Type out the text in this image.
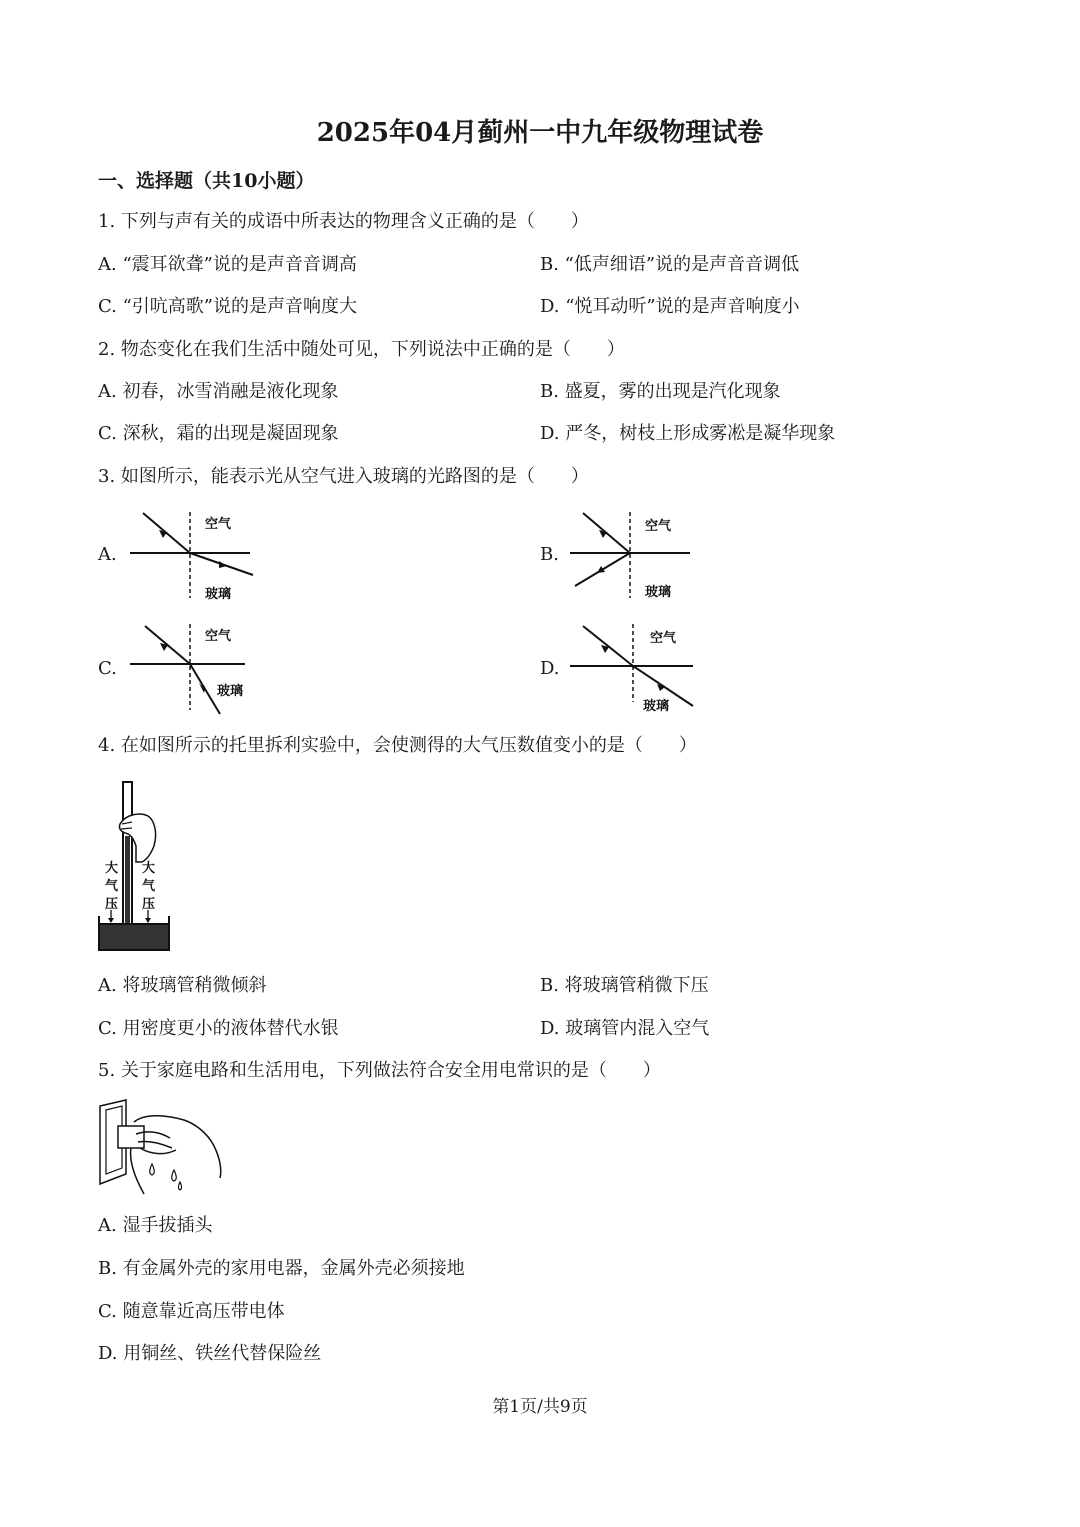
2025年04月蓟州一中九年级物理试卷
一、选择题（共10小题）
1. 下列与声有关的成语中所表达的物理含义正确的是（　　）
A. “震耳欲聋”说的是声音音调高	B. “低声细语”说的是声音音调低
C. “引吭高歌”说的是声音响度大	D. “悦耳动听”说的是声音响度小
2. 物态变化在我们生活中随处可见，下列说法中正确的是（　　）
A. 初春，冰雪消融是液化现象	B. 盛夏，雾的出现是汽化现象
C. 深秋，霜的出现是凝固现象	D. 严冬，树枝上形成雾凇是凝华现象
3. 如图所示，能表示光从空气进入玻璃的光路图的是（　　）
A.
空气
玻璃
B.
空气
玻璃
C.
空气
玻璃
D.
空气
玻璃
4. 在如图所示的托里拆利实验中，会使测得的大气压数值变小的是（　　）
大
气
压
大
气
压
A. 将玻璃管稍微倾斜	B. 将玻璃管稍微下压
C. 用密度更小的液体替代水银	D. 玻璃管内混入空气
5. 关于家庭电路和生活用电，下列做法符合安全用电常识的是（　　）
A. 湿手拔插头
B. 有金属外壳的家用电器，金属外壳必须接地
C. 随意靠近高压带电体
D. 用铜丝、铁丝代替保险丝
第1页/共9页
